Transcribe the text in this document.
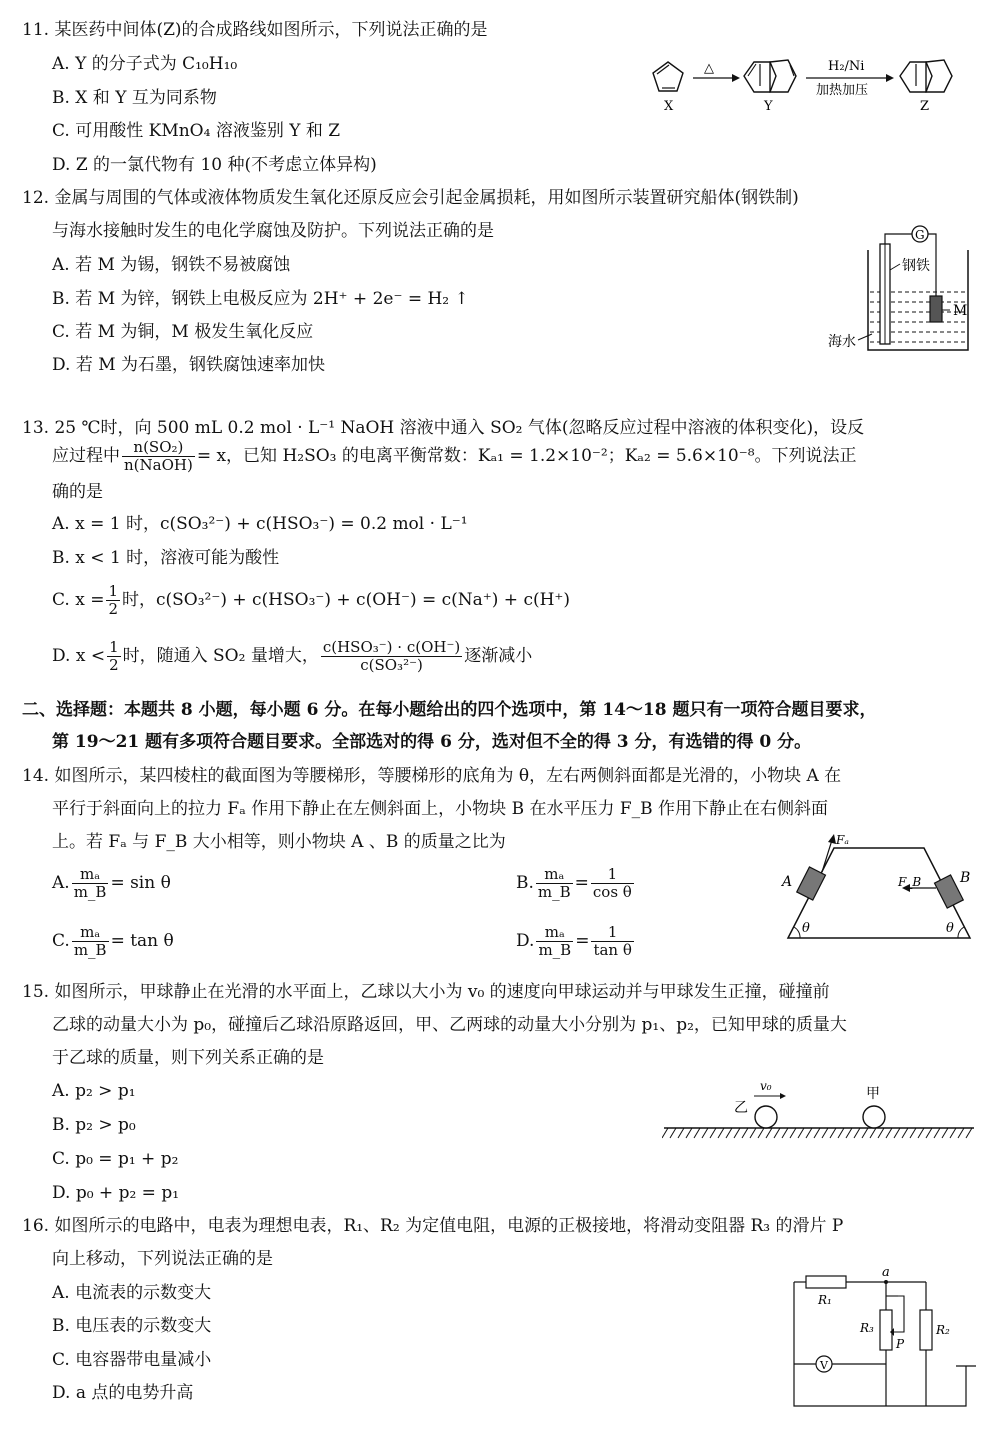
11. 某医药中间体(Z)的合成路线如图所示，下列说法正确的是
A. Y 的分子式为 C₁₀H₁₀
B. X 和 Y 互为同系物
C. 可用酸性 KMnO₄ 溶液鉴别 Y 和 Z
D. Z 的一氯代物有 10 种(不考虑立体异构)
X
△
Y
H₂/Ni
加热加压
Z
12. 金属与周围的气体或液体物质发生氧化还原反应会引起金属损耗，用如图所示装置研究船体(钢铁制)
与海水接触时发生的电化学腐蚀及防护。下列说法正确的是
A. 若 M 为锡，钢铁不易被腐蚀
B. 若 M 为锌，钢铁上电极反应为 2H⁺ + 2e⁻ = H₂ ↑
C. 若 M 为铜，M 极发生氧化反应
D. 若 M 为石墨，钢铁腐蚀速率加快
G
钢铁
M
海水
13. 25 ℃时，向 500 mL 0.2 mol · L⁻¹ NaOH 溶液中通入 SO₂ 气体(忽略反应过程中溶液的体积变化)，设反
应过程中 $\frac{\text{n(SO₂)}}{\text{n(NaOH)}} = x$，已知 H₂SO₃ 的电离平衡常数：Kₐ₁ = 1.2×10⁻²；Kₐ₂ = 5.6×10⁻⁸。下列说法正
确的是
A. x = 1 时，c(SO₃²⁻) + c(HSO₃⁻) = 0.2 mol · L⁻¹
B. x < 1 时，溶液可能为酸性
C. $x = \frac{1}{2}$ 时，c(SO₃²⁻) + c(HSO₃⁻) + c(OH⁻) = c(Na⁺) + c(H⁺)
D. $x < \frac{1}{2}$ 时，随通入 SO₂ 量增大， $\frac{\text{c(HSO₃⁻) · c(OH⁻)}}{\text{c(SO₃²⁻)}}$ 逐渐减小
二、选择题：本题共 8 小题，每小题 6 分。在每小题给出的四个选项中，第 14～18 题只有一项符合题目要求，
第 19～21 题有多项符合题目要求。全部选对的得 6 分，选对但不全的得 3 分，有选错的得 0 分。
14. 如图所示，某四棱柱的截面图为等腰梯形，等腰梯形的底角为 θ，左右两侧斜面都是光滑的，小物块 A 在
平行于斜面向上的拉力 Fₐ 作用下静止在左侧斜面上，小物块 B 在水平压力 F_B 作用下静止在右侧斜面
上。若 Fₐ 与 F_B 大小相等，则小物块 A 、B 的质量之比为
A. $\frac{\text{mₐ}}{m\_B} = \sin \theta$	B. $\frac{\text{mₐ}}{m\_B} = \frac{1}{\text{cos θ}}$
C. $\frac{\text{mₐ}}{m\_B} = \tan \theta$	D. $\frac{\text{mₐ}}{m\_B} = \frac{1}{\text{tan θ}}$
Fₐ
F_B
A	B
θ	θ
15. 如图所示，甲球静止在光滑的水平面上，乙球以大小为 v₀ 的速度向甲球运动并与甲球发生正撞，碰撞前
乙球的动量大小为 p₀，碰撞后乙球沿原路返回，甲、乙两球的动量大小分别为 p₁、p₂，已知甲球的质量大
于乙球的质量，则下列关系正确的是
A. p₂ > p₁
B. p₂ > p₀
C. p₀ = p₁ + p₂
D. p₀ + p₂ = p₁
乙
甲
v₀
16. 如图所示的电路中，电表为理想电表，R₁、R₂ 为定值电阻，电源的正极接地，将滑动变阻器 R₃ 的滑片 P
向上移动，下列说法正确的是
A. 电流表的示数变大
B. 电压表的示数变大
C. 电容器带电量减小
D. a 点的电势升高
R₁
a
R₃
P
R₂
V
